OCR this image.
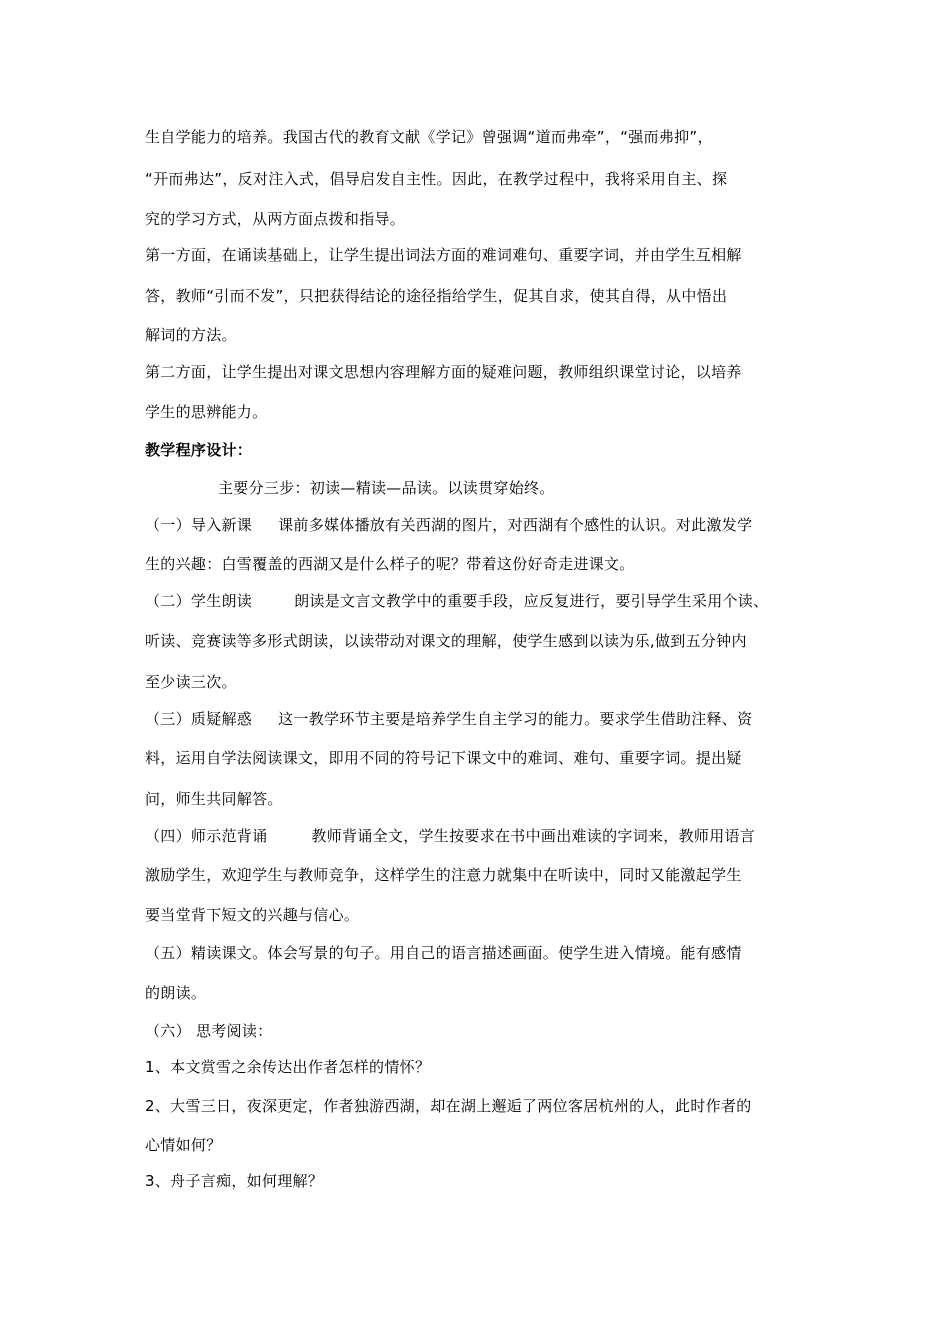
生自学能力的培养。我国古代的教育文献《学记》曾强调“道而弗牵”，“强而弗抑”，
“开而弗达”，反对注入式，倡导启发自主性。因此，在教学过程中，我将采用自主、探
究的学习方式，从两方面点拨和指导。
第一方面，在诵读基础上，让学生提出词法方面的难词难句、重要字词，并由学生互相解
答，教师“引而不发”，只把获得结论的途径指给学生，促其自求，使其自得，从中悟出
解词的方法。
第二方面，让学生提出对课文思想内容理解方面的疑难问题，教师组织课堂讨论，以培养
学生的思辨能力。
教学程序设计：
主要分三步：初读—精读—品读。以读贯穿始终。
（一）导入新课 课前多媒体播放有关西湖的图片，对西湖有个感性的认识。对此激发学
生的兴趣：白雪覆盖的西湖又是什么样子的呢？带着这份好奇走进课文。
（二）学生朗读	朗读是文言文教学中的重要手段，应反复进行，要引导学生采用个读、
听读、竞赛读等多形式朗读，以读带动对课文的理解，使学生感到以读为乐,做到五分钟内
至少读三次。
（三）质疑解惑 这一教学环节主要是培养学生自主学习的能力。要求学生借助注释、资
料，运用自学法阅读课文，即用不同的符号记下课文中的难词、难句、重要字词。提出疑
问，师生共同解答。
（四）师示范背诵	教师背诵全文，学生按要求在书中画出难读的字词来，教师用语言
激励学生，欢迎学生与教师竞争，这样学生的注意力就集中在听读中，同时又能激起学生
要当堂背下短文的兴趣与信心。
（五）精读课文。体会写景的句子。用自己的语言描述画面。使学生进入情境。能有感情
的朗读。
（六） 思考阅读：
1、本文赏雪之余传达出作者怎样的情怀？
2、大雪三日，夜深更定，作者独游西湖，却在湖上邂逅了两位客居杭州的人，此时作者的
心情如何？
3、舟子言痴，如何理解？
